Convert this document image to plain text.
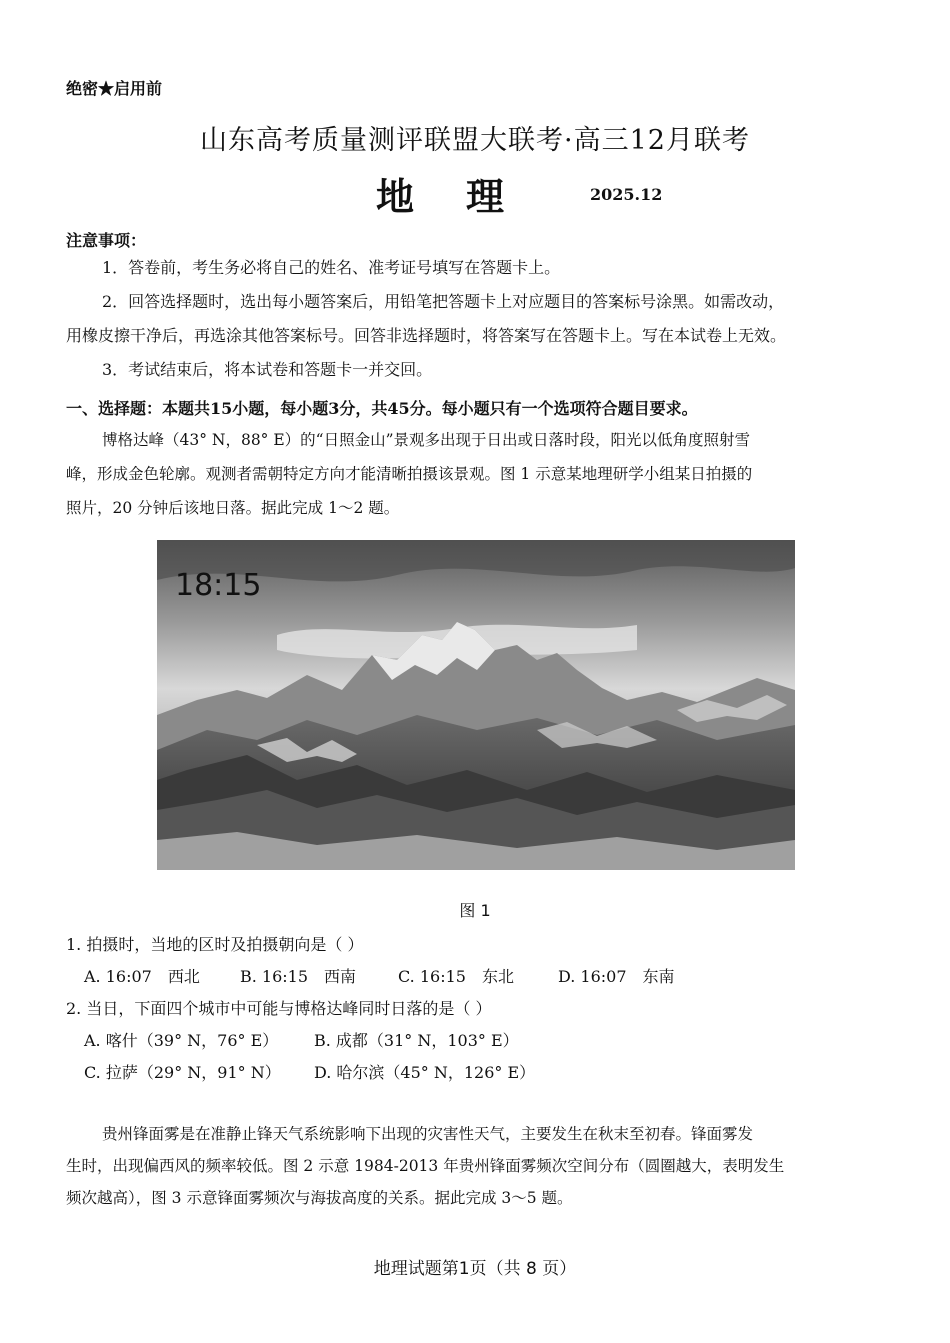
绝密★启用前
山东高考质量测评联盟大联考·高三12月联考
地理 2025.12
注意事项：
1．答卷前，考生务必将自己的姓名、准考证号填写在答题卡上。
2．回答选择题时，选出每小题答案后，用铅笔把答题卡上对应题目的答案标号涂黑。如需改动，
用橡皮擦干净后，再选涂其他答案标号。回答非选择题时，将答案写在答题卡上。写在本试卷上无效。
3．考试结束后，将本试卷和答题卡一并交回。
一、选择题：本题共15小题，每小题3分，共45分。每小题只有一个选项符合题目要求。
博格达峰（43° N，88° E）的“日照金山”景观多出现于日出或日落时段，阳光以低角度照射雪
峰，形成金色轮廓。观测者需朝特定方向才能清晰拍摄该景观。图 1 示意某地理研学小组某日拍摄的
照片，20 分钟后该地日落。据此完成 1～2 题。
18:15
图 1
1. 拍摄时，当地的区时及拍摄朝向是（ ）
A. 16:07　西北	B. 16:15　西南	C. 16:15　东北	D. 16:07　东南
2. 当日，下面四个城市中可能与博格达峰同时日落的是（ ）
A. 喀什（39° N，76° E） B. 成都（31° N，103° E）
C. 拉萨（29° N，91° N） D. 哈尔滨（45° N，126° E）
贵州锋面雾是在准静止锋天气系统影响下出现的灾害性天气，主要发生在秋末至初春。锋面雾发
生时，出现偏西风的频率较低。图 2 示意 1984-2013 年贵州锋面雾频次空间分布（圆圈越大，表明发生
频次越高），图 3 示意锋面雾频次与海拔高度的关系。据此完成 3～5 题。
地理试题第1页（共 8 页）
